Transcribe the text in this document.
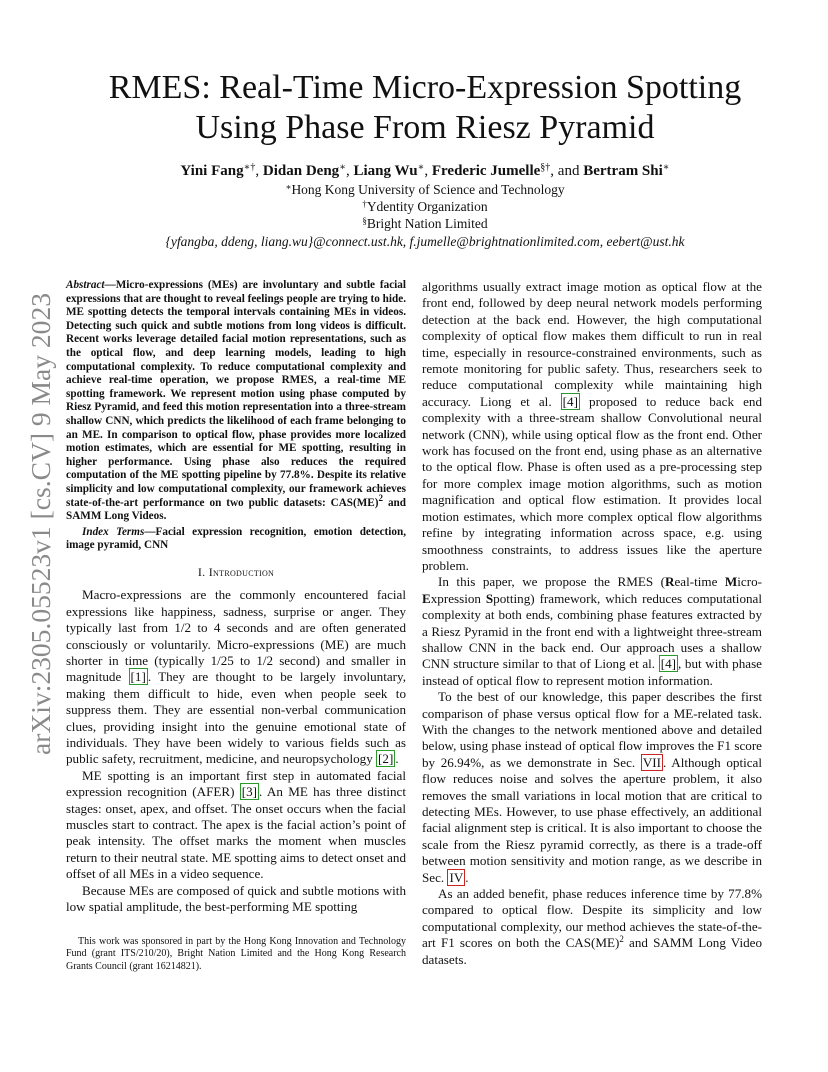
arXiv:2305.05523v1 [cs.CV] 9 May 2023
RMES: Real-Time Micro-Expression Spotting
Using Phase From Riesz Pyramid
Yini Fang∗†, Didan Deng∗, Liang Wu∗, Frederic Jumelle§†, and Bertram Shi∗
∗Hong Kong University of Science and Technology
†Ydentity Organization
§Bright Nation Limited
{yfangba, ddeng, liang.wu}@connect.ust.hk, f.jumelle@brightnationlimited.com, eebert@ust.hk

Abstract—Micro-expressions (MEs) are involuntary and subtle facial expressions that are thought to reveal feelings people are trying to hide. ME spotting detects the temporal intervals containing MEs in videos. Detecting such quick and subtle motions from long videos is difficult. Recent works leverage detailed facial motion representations, such as the optical flow, and deep learning models, leading to high computational complexity. To reduce computational complexity and achieve real-time operation, we propose RMES, a real-time ME spotting framework. We represent motion using phase computed by Riesz Pyramid, and feed this motion representation into a three-stream shallow CNN, which predicts the likelihood of each frame belonging to an ME. In comparison to optical flow, phase provides more localized motion estimates, which are essential for ME spotting, resulting in higher performance. Using phase also reduces the required computation of the ME spotting pipeline by 77.8%. Despite its relative simplicity and low computational complexity, our framework achieves state-of-the-art performance on two public datasets: CAS(ME)$^2$ and SAMM Long Videos.

Index Terms—Facial expression recognition, emotion detection, image pyramid, CNN

I. Introduction

Macro-expressions are the commonly encountered facial expressions like happiness, sadness, surprise or anger. They typically last from 1/2 to 4 seconds and are often generated consciously or voluntarily. Micro-expressions (ME) are much shorter in time (typically 1/25 to 1/2 second) and smaller in magnitude [1] . They are thought to be largely involuntary, making them difficult to hide, even when people seek to suppress them. They are essential non-verbal communication clues, providing insight into the genuine emotional state of individuals. They have been widely to various fields such as public safety, recruitment, medicine, and neuropsychology [2] .

ME spotting is an important first step in automated facial expression recognition (AFER) [3] . An ME has three distinct stages: onset, apex, and offset. The onset occurs when the facial muscles start to contract. The apex is the facial action’s point of peak intensity. The offset marks the moment when muscles return to their neutral state. ME spotting aims to detect onset and offset of all MEs in a video sequence.

Because MEs are composed of quick and subtle motions with low spatial amplitude, the best-performing ME spotting

This work was sponsored in part by the Hong Kong Innovation and Technology Fund (grant ITS/210/20), Bright Nation Limited and the Hong Kong Research Grants Council (grant 16214821).

algorithms usually extract image motion as optical flow at the front end, followed by deep neural network models performing detection at the back end. However, the high computational complexity of optical flow makes them difficult to run in real time, especially in resource-constrained environments, such as remote monitoring for public safety. Thus, researchers seek to reduce computational complexity while maintaining high accuracy. Liong et al. [4] proposed to reduce back end complexity with a three-stream shallow Convolutional neural network (CNN), while using optical flow as the front end. Other work has focused on the front end, using phase as an alternative to the optical flow. Phase is often used as a pre-processing step for more complex image motion algorithms, such as motion magnification and optical flow estimation. It provides local motion estimates, which more complex optical flow algorithms refine by integrating information across space, e.g. using smoothness constraints, to address issues like the aperture problem.

In this paper, we propose the RMES (Real-time Micro-Expression Spotting) framework, which reduces computational complexity at both ends, combining phase features extracted by a Riesz Pyramid in the front end with a lightweight three-stream shallow CNN in the back end. Our approach uses a shallow CNN structure similar to that of Liong et al. [4] , but with phase instead of optical flow to represent motion information.

To the best of our knowledge, this paper describes the first comparison of phase versus optical flow for a ME-related task. With the changes to the network mentioned above and detailed below, using phase instead of optical flow improves the F1 score by 26.94%, as we demonstrate in Sec. VII . Although optical flow reduces noise and solves the aperture problem, it also removes the small variations in local motion that are critical to detecting MEs. However, to use phase effectively, an additional facial alignment step is critical. It is also important to choose the scale from the Riesz pyramid correctly, as there is a trade-off between motion sensitivity and motion range, as we describe in Sec. IV .

As an added benefit, phase reduces inference time by 77.8% compared to optical flow. Despite its simplicity and low computational complexity, our method achieves the state-of-the-art F1 scores on both the CAS(ME)$^2$ and SAMM Long Video datasets.
